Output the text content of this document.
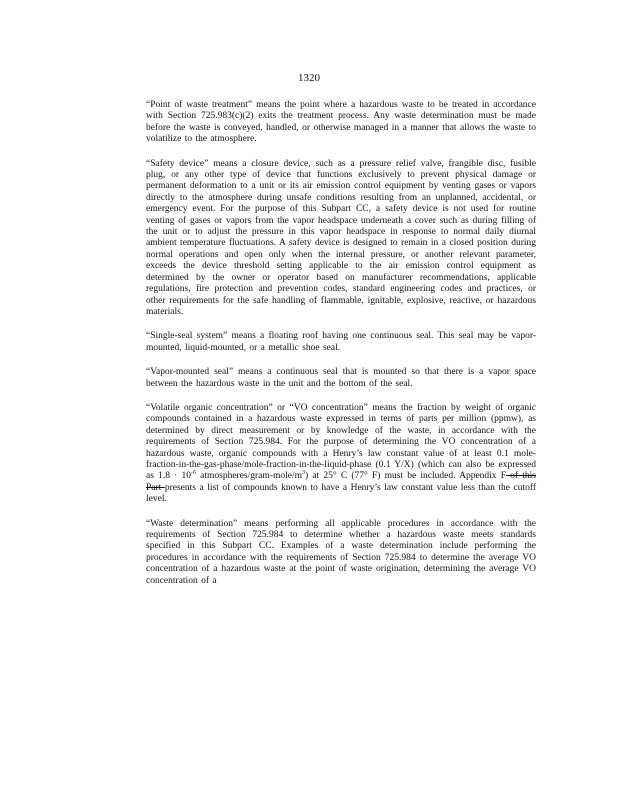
1320

“Point of waste treatment” means the point where a hazardous waste to be treated in accordance with Section 725.983(c)(2) exits the treatment process. Any waste determination must be made before the waste is conveyed, handled, or otherwise managed in a manner that allows the waste to volatilize to the atmosphere.

“Safety device” means a closure device, such as a pressure relief valve, frangible disc, fusible plug, or any other type of device that functions exclusively to prevent physical damage or permanent deformation to a unit or its air emission control equipment by venting gases or vapors directly to the atmosphere during unsafe conditions resulting from an unplanned, accidental, or emergency event. For the purpose of this Subpart CC, a safety device is not used for routine venting of gases or vapors from the vapor headspace underneath a cover such as during filling of the unit or to adjust the pressure in this vapor headspace in response to normal daily diurnal ambient temperature fluctuations. A safety device is designed to remain in a closed position during normal operations and open only when the internal pressure, or another relevant parameter, exceeds the device threshold setting applicable to the air emission control equipment as determined by the owner or operator based on manufacturer recommendations, applicable regulations, fire protection and prevention codes, standard engineering codes and practices, or other requirements for the safe handling of flammable, ignitable, explosive, reactive, or hazardous materials.

“Single-seal system” means a floating roof having one continuous seal. This seal may be vapor-mounted, liquid-mounted, or a metallic shoe seal.

“Vapor-mounted seal” means a continuous seal that is mounted so that there is a vapor space between the hazardous waste in the unit and the bottom of the seal.

“Volatile organic concentration” or “VO concentration” means the fraction by weight of organic compounds contained in a hazardous waste expressed in terms of parts per million (ppmw), as determined by direct measurement or by knowledge of the waste, in accordance with the requirements of Section 725.984. For the purpose of determining the VO concentration of a hazardous waste, organic compounds with a Henry’s law constant value of at least 0.1 mole-fraction-in-the-gas-phase/mole-fraction-in-the-liquid-phase (0.1 Y/X) (which can also be expressed as $1.8 \cdot 10^{-6}$ atmospheres/$gram-mole/m^3$) at 25° C (77° F) must be included. Appendix F of this Part presents a list of compounds known to have a Henry’s law constant value less than the cutoff level.

“Waste determination” means performing all applicable procedures in accordance with the requirements of Section 725.984 to determine whether a hazardous waste meets standards specified in this Subpart CC. Examples of a waste determination include performing the procedures in accordance with the requirements of Section 725.984 to determine the average VO concentration of a hazardous waste at the point of waste origination, determining the average VO concentration of a
